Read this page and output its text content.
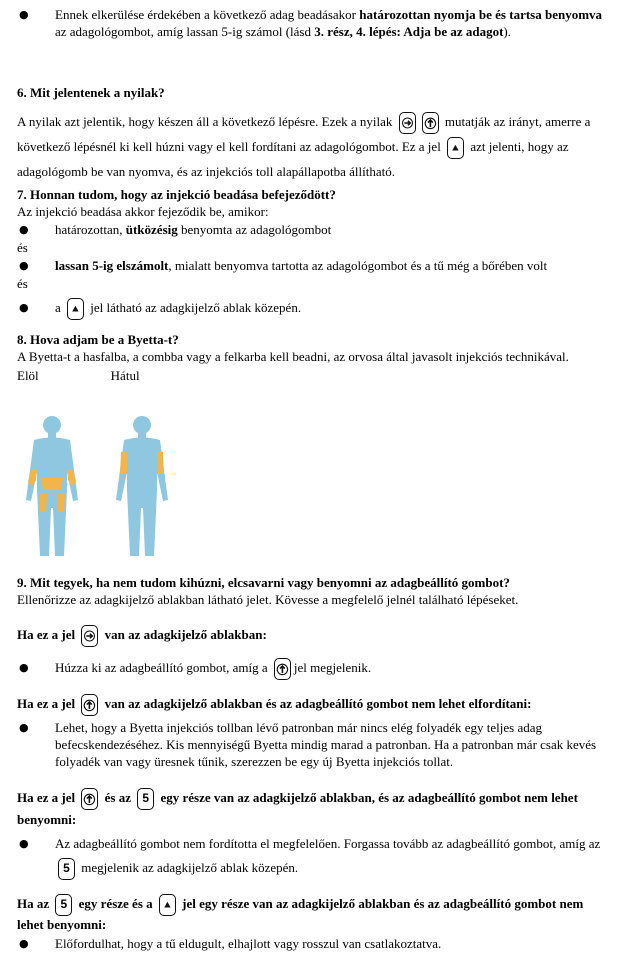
●	Ennek elkerülése érdekében a következő adag beadásakor határozottan nyomja be és tartsa benyomva az adagológombot, amíg lassan 5-ig számol (lásd 3. rész, 4. lépés: Adja be az adagot).

6. Mit jelentenek a nyilak?

A nyilak azt jelentik, hogy készen áll a következő lépésre. Ezek a nyilak	mutatják az irányt, amerre a következő lépésnél ki kell húzni vagy el kell fordítani az adagológombot. Ez a jel azt jelenti, hogy az adagológomb be van nyomva, és az injekciós toll alapállapotba állítható.

7. Honnan tudom, hogy az injekció beadása befejeződött?

Az injekció beadása akkor fejeződik be, amikor:

●	határozottan, ütközésig benyomta az adagológombot

és

●	lassan 5-ig elszámolt, mialatt benyomva tartotta az adagológombot és a tű még a bőrében volt

és

●	a jel látható az adagkijelző ablak közepén.

8. Hova adjam be a Byetta-t?

A Byetta-t a hasfalba, a combba vagy a felkarba kell beadni, az orvosa által javasolt injekciós technikával.

Elöl	Hátul
9. Mit tegyek, ha nem tudom kihúzni, elcsavarni vagy benyomni az adagbeállító gombot?

Ellenőrizze az adagkijelző ablakban látható jelet. Kövesse a megfelelő jelnél található lépéseket.

Ha ez a jel van az adagkijelző ablakban:

●	Húzza ki az adagbeállító gombot, amíg a jel megjelenik.

Ha ez a jel van az adagkijelző ablakban és az adagbeállító gombot nem lehet elfordítani:

●	Lehet, hogy a Byetta injekciós tollban lévő patronban már nincs elég folyadék egy teljes adag befecskendezéséhez. Kis mennyiségű Byetta mindig marad a patronban. Ha a patronban már csak kevés folyadék van vagy üresnek tűnik, szerezzen be egy új Byetta injekciós tollat.

Ha ez a jel és az 5 egy része van az adagkijelző ablakban, és az adagbeállító gombot nem lehet benyomni:

●	Az adagbeállító gombot nem fordította el megfelelően. Forgassa tovább az adagbeállító gombot, amíg az 5 megjelenik az adagkijelző ablak közepén.

Ha az 5 egy része és a jel egy része van az adagkijelző ablakban és az adagbeállító gombot nem lehet benyomni:

●	Előfordulhat, hogy a tű eldugult, elhajlott vagy rosszul van csatlakoztatva.
